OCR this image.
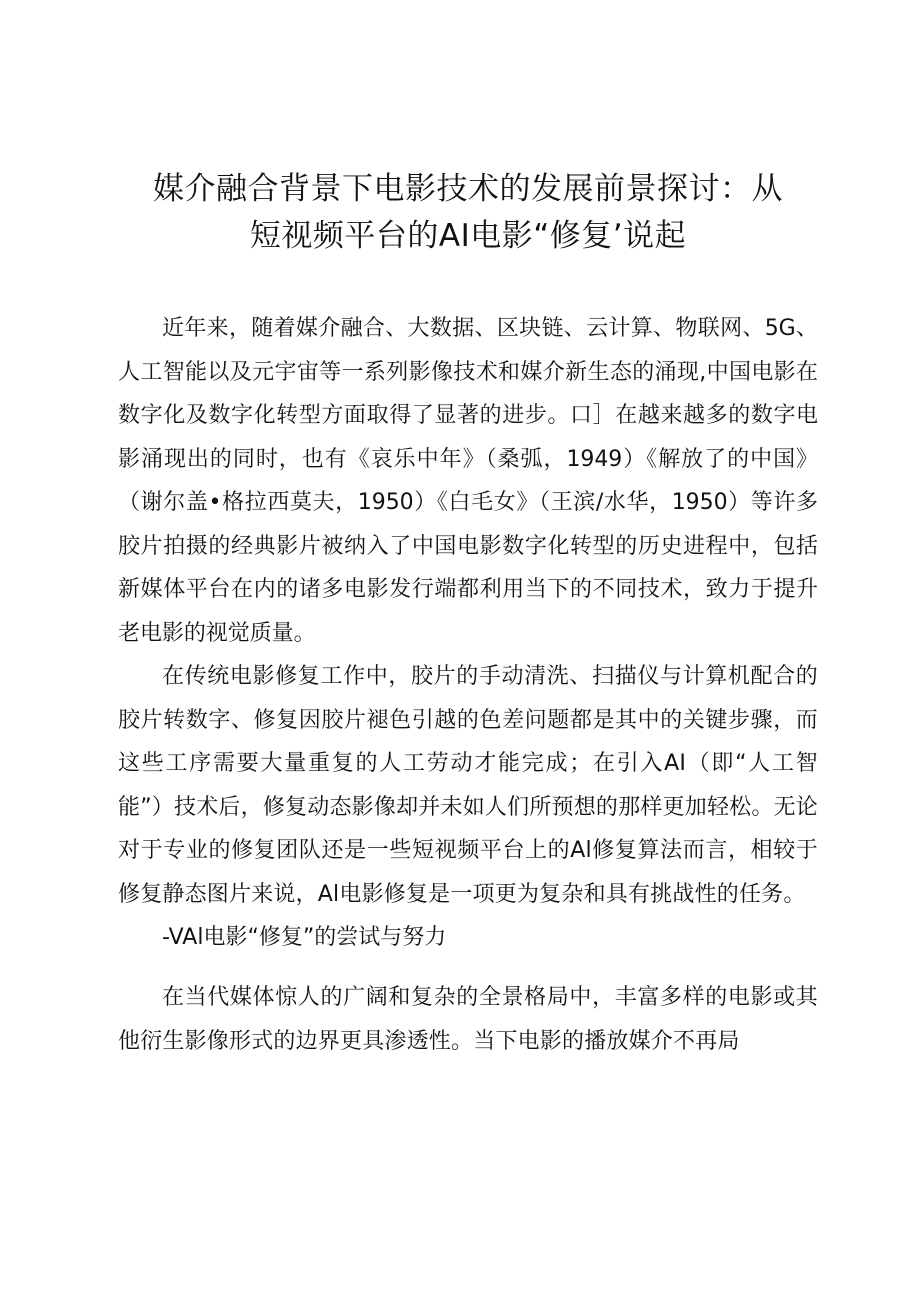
媒介融合背景下电影技术的发展前景探讨：从
短视频平台的AI电影“修复’说起

近年来，随着媒介融合、大数据、区块链、云计算、物联网、5G、人工智能以及元宇宙等一系列影像技术和媒介新生态的涌现,中国电影在数字化及数字化转型方面取得了显著的进步。口］在越来越多的数字电影涌现出的同时，也有《哀乐中年》（桑弧，1949）《解放了的中国》（谢尔盖•格拉西莫夫，1950）《白毛女》（王滨/水华，1950）等许多胶片拍摄的经典影片被纳入了中国电影数字化转型的历史进程中，包括新媒体平台在内的诸多电影发行端都利用当下的不同技术，致力于提升老电影的视觉质量。

在传统电影修复工作中，胶片的手动清洗、扫描仪与计算机配合的胶片转数字、修复因胶片褪色引越的色差问题都是其中的关键步骤，而这些工序需要大量重复的人工劳动才能完成；在引入AI（即“人工智能”）技术后，修复动态影像却并未如人们所预想的那样更加轻松。无论对于专业的修复团队还是一些短视频平台上的Al修复算法而言，相较于修复静态图片来说，Al电影修复是一项更为复杂和具有挑战性的任务。

-VAl电影“修复”的尝试与努力

在当代媒体惊人的广阔和复杂的全景格局中，丰富多样的电影或其他衍生影像形式的边界更具渗透性。当下电影的播放媒介不再局
